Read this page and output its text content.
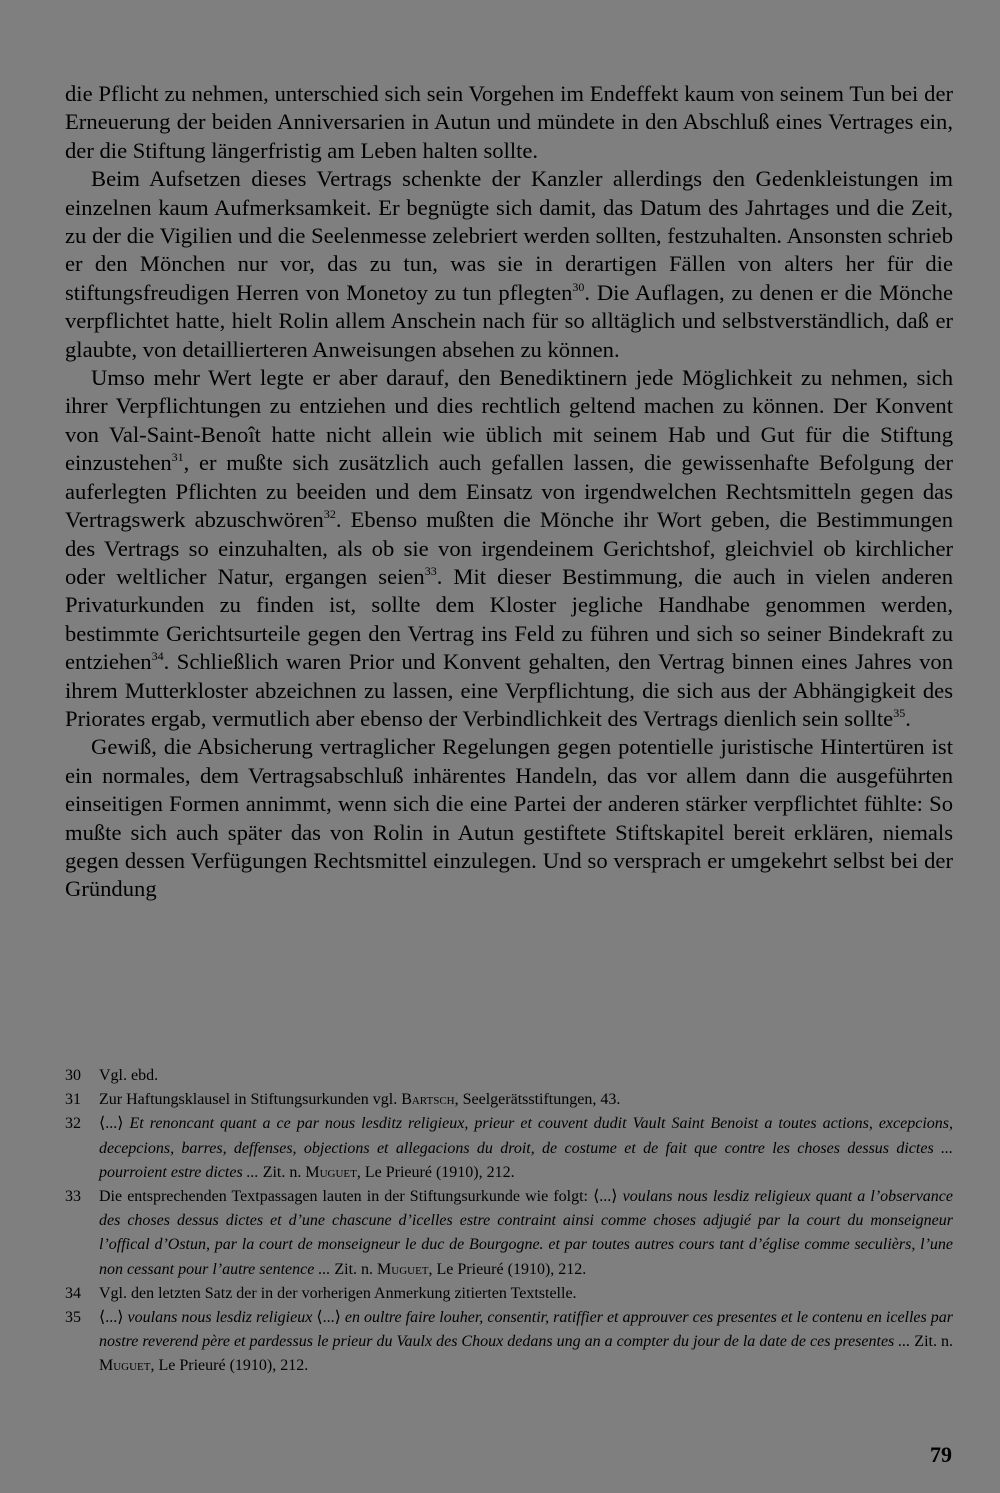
die Pflicht zu nehmen, unterschied sich sein Vorgehen im Endeffekt kaum von seinem Tun bei der Erneuerung der beiden Anniversarien in Autun und mündete in den Abschluß eines Vertrages ein, der die Stiftung längerfristig am Leben halten sollte.

Beim Aufsetzen dieses Vertrags schenkte der Kanzler allerdings den Gedenkleistungen im einzelnen kaum Aufmerksamkeit. Er begnügte sich damit, das Datum des Jahrtages und die Zeit, zu der die Vigilien und die Seelenmesse zelebriert werden sollten, festzuhalten. Ansonsten schrieb er den Mönchen nur vor, das zu tun, was sie in derartigen Fällen von alters her für die stiftungsfreudigen Herren von Monetoy zu tun pflegten$^{30}$. Die Auflagen, zu denen er die Mönche verpflichtet hatte, hielt Rolin allem Anschein nach für so alltäglich und selbstverständlich, daß er glaubte, von detaillierteren Anweisungen absehen zu können.

Umso mehr Wert legte er aber darauf, den Benediktinern jede Möglichkeit zu nehmen, sich ihrer Verpflichtungen zu entziehen und dies rechtlich geltend machen zu können. Der Konvent von Val-Saint-Benoît hatte nicht allein wie üblich mit seinem Hab und Gut für die Stiftung einzustehen$^{31}$, er mußte sich zusätzlich auch gefallen lassen, die gewissenhafte Befolgung der auferlegten Pflichten zu beeiden und dem Einsatz von irgendwelchen Rechtsmitteln gegen das Vertragswerk abzuschwören$^{32}$. Ebenso mußten die Mönche ihr Wort geben, die Bestimmungen des Vertrags so einzuhalten, als ob sie von irgendeinem Gerichtshof, gleichviel ob kirchlicher oder weltlicher Natur, ergangen seien$^{33}$. Mit dieser Bestimmung, die auch in vielen anderen Privaturkunden zu finden ist, sollte dem Kloster jegliche Handhabe genommen werden, bestimmte Gerichtsurteile gegen den Vertrag ins Feld zu führen und sich so seiner Bindekraft zu entziehen$^{34}$. Schließlich waren Prior und Konvent gehalten, den Vertrag binnen eines Jahres von ihrem Mutterkloster abzeichnen zu lassen, eine Verpflichtung, die sich aus der Abhängigkeit des Priorates ergab, vermutlich aber ebenso der Verbindlichkeit des Vertrags dienlich sein sollte$^{35}$.

Gewiß, die Absicherung vertraglicher Regelungen gegen potentielle juristische Hintertüren ist ein normales, dem Vertragsabschluß inhärentes Handeln, das vor allem dann die ausgeführten einseitigen Formen annimmt, wenn sich die eine Partei der anderen stärker verpflichtet fühlte: So mußte sich auch später das von Rolin in Autun gestiftete Stiftskapitel bereit erklären, niemals gegen dessen Verfügungen Rechtsmittel einzulegen. Und so versprach er umgekehrt selbst bei der Gründung

30 Vgl. ebd.

31 Zur Haftungsklausel in Stiftungsurkunden vgl. Bartsch, Seelgerätsstiftungen, 43.

32 ⟨...⟩ Et renoncant quant a ce par nous lesditz religieux, prieur et couvent dudit Vault Saint Benoist a toutes actions, excepcions, decepcions, barres, deffenses, objections et allegacions du droit, de costume et de fait que contre les choses dessus dictes ... pourroient estre dictes ... Zit. n. Muguet, Le Prieuré (1910), 212.

33 Die entsprechenden Textpassagen lauten in der Stiftungsurkunde wie folgt: ⟨...⟩ voulans nous lesdiz religieux quant a l’observance des choses dessus dictes et d’une chascune d’icelles estre contraint ainsi comme choses adjugié par la court du monseigneur l’offical d’Ostun, par la court de monseigneur le duc de Bourgogne. et par toutes autres cours tant d’église comme seculièrs, l’une non cessant pour l’autre sentence ... Zit. n. Muguet, Le Prieuré (1910), 212.

34 Vgl. den letzten Satz der in der vorherigen Anmerkung zitierten Textstelle.

35 ⟨...⟩ voulans nous lesdiz religieux ⟨...⟩ en oultre faire louher, consentir, ratiffier et approuver ces presentes et le contenu en icelles par nostre reverend père et pardessus le prieur du Vaulx des Choux dedans ung an a compter du jour de la date de ces presentes ... Zit. n. Muguet, Le Prieuré (1910), 212.

79
